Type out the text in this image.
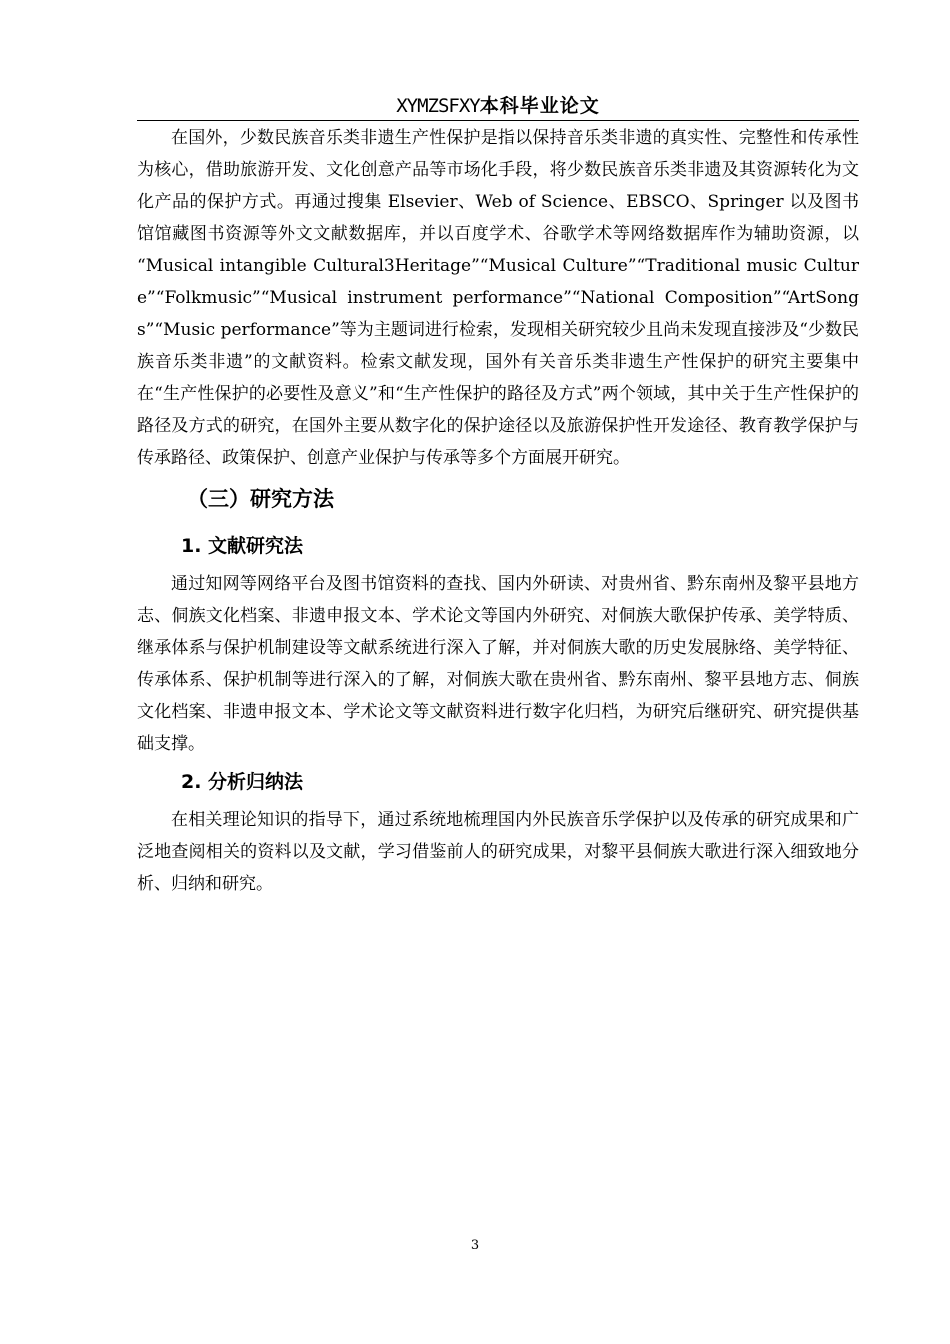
XYMZSFXY本科毕业论文

在国外，少数民族音乐类非遗生产性保护是指以保持音乐类非遗的真实性、完整性和传承性为核心，借助旅游开发、文化创意产品等市场化手段，将少数民族音乐类非遗及其资源转化为文化产品的保护方式。再通过搜集 Elsevier、Web of Science、EBSCO、Springer 以及图书馆馆藏图书资源等外文文献数据库，并以百度学术、谷歌学术等网络数据库作为辅助资源，以 “Musical intangible Cultural3Heritage”“Musical Culture”“Traditional music Culture”“Folkmusic”“Musical instrument performance”“National Composition”“ArtSongs”“Music performance”等为主题词进行检索，发现相关研究较少且尚未发现直接涉及“少数民族音乐类非遗”的文献资料。检索文献发现，国外有关音乐类非遗生产性保护的研究主要集中在“生产性保护的必要性及意义”和“生产性保护的路径及方式”两个领域，其中关于生产性保护的路径及方式的研究，在国外主要从数字化的保护途径以及旅游保护性开发途径、教育教学保护与传承路径、政策保护、创意产业保护与传承等多个方面展开研究。

（三）研究方法
1. 文献研究法

通过知网等网络平台及图书馆资料的查找、国内外研读、对贵州省、黔东南州及黎平县地方志、侗族文化档案、非遗申报文本、学术论文等国内外研究、对侗族大歌保护传承、美学特质、继承体系与保护机制建设等文献系统进行深入了解，并对侗族大歌的历史发展脉络、美学特征、传承体系、保护机制等进行深入的了解，对侗族大歌在贵州省、黔东南州、黎平县地方志、侗族文化档案、非遗申报文本、学术论文等文献资料进行数字化归档，为研究后继研究、研究提供基础支撑。

2. 分析归纳法

在相关理论知识的指导下，通过系统地梳理国内外民族音乐学保护以及传承的研究成果和广泛地查阅相关的资料以及文献，学习借鉴前人的研究成果，对黎平县侗族大歌进行深入细致地分析、归纳和研究。

3
